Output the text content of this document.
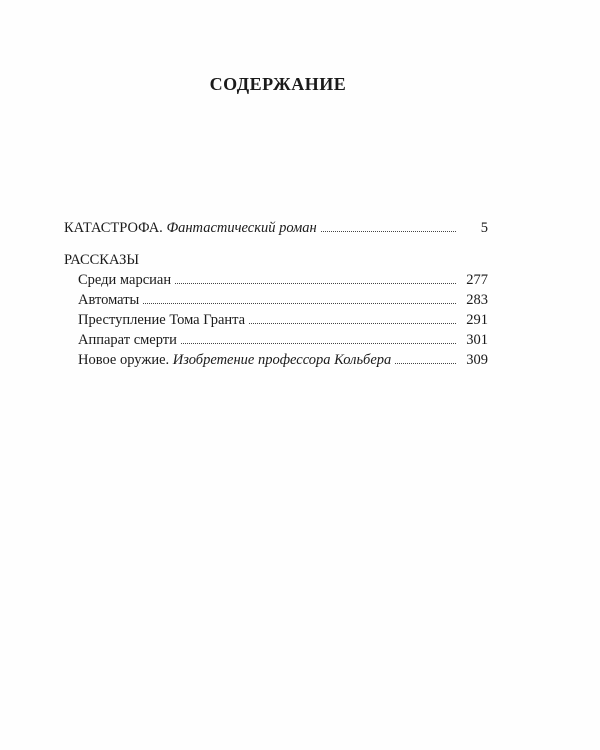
СОДЕРЖАНИЕ
КАТАСТРОФА. Фантастический роман	5
РАССКАЗЫ
Среди марсиан	277
Автоматы	283
Преступление Тома Гранта	291
Аппарат смерти	301
Новое оружие. Изобретение профессора Кольбера	309
